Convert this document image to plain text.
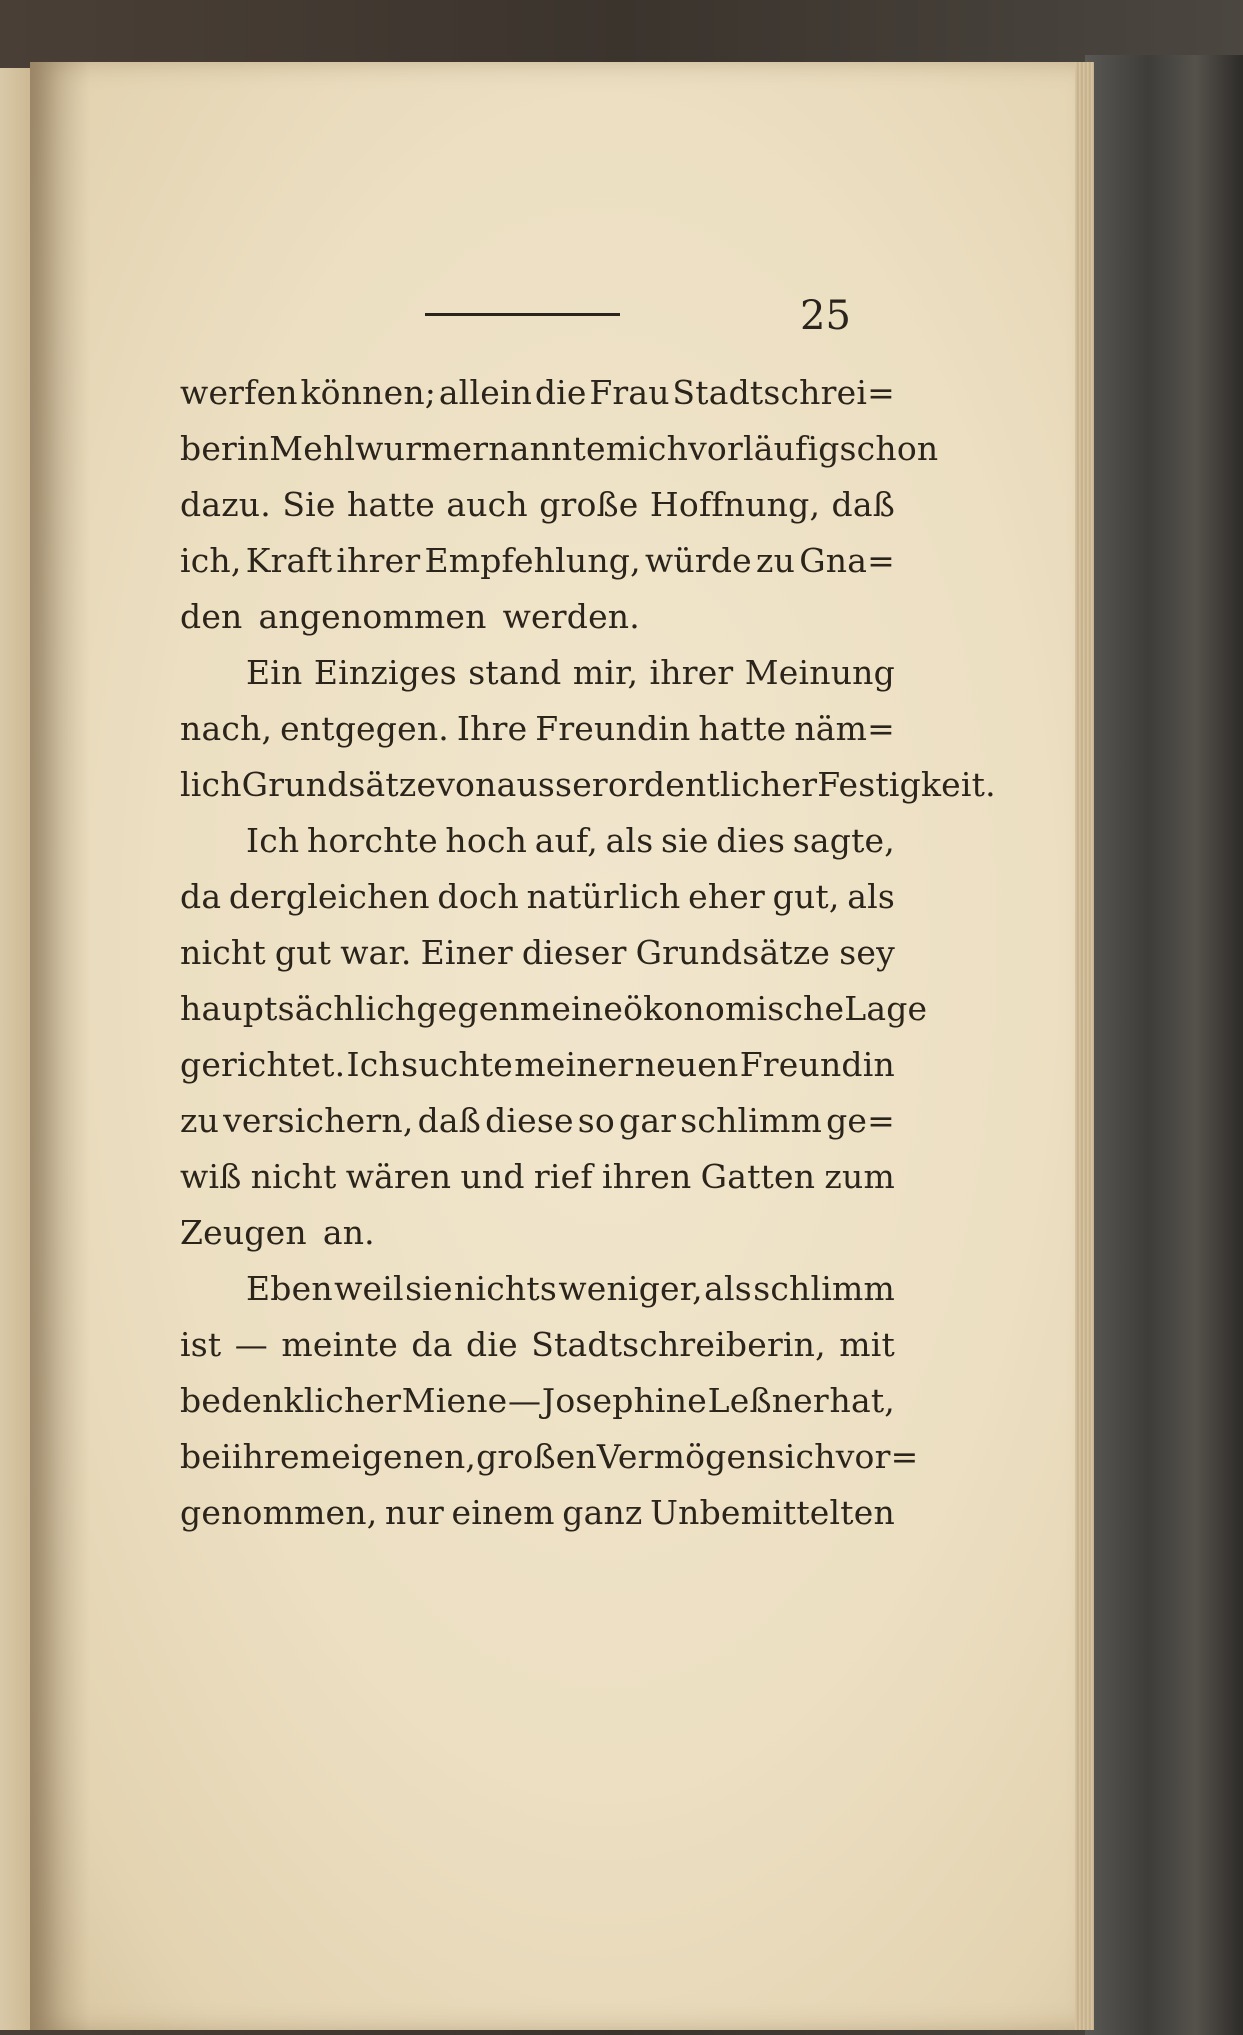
25
werfen können; allein die Frau Stadtschrei=
berin Mehlwurm ernannte mich vorläufig schon
dazu. Sie hatte auch große Hoffnung, daß
ich, Kraft ihrer Empfehlung, würde zu Gna=
den angenommen werden.
Ein Einziges stand mir, ihrer Meinung
nach, entgegen. Ihre Freundin hatte näm=
lich Grundsätze von ausserordentlicher Festigkeit.
Ich horchte hoch auf, als sie dies sagte,
da dergleichen doch natürlich eher gut, als
nicht gut war. Einer dieser Grundsätze sey
hauptsächlich gegen meine ökonomische Lage
gerichtet. Ich suchte meiner neuen Freundin
zu versichern, daß diese so gar schlimm ge=
wiß nicht wären und rief ihren Gatten zum
Zeugen an.
Eben weil sie nichts weniger, als schlimm
ist — meinte da die Stadtschreiberin, mit
bedenklicher Miene — Josephine Leßner hat,
bei ihrem eigenen, großen Vermögen sich vor=
genommen, nur einem ganz Unbemittelten
